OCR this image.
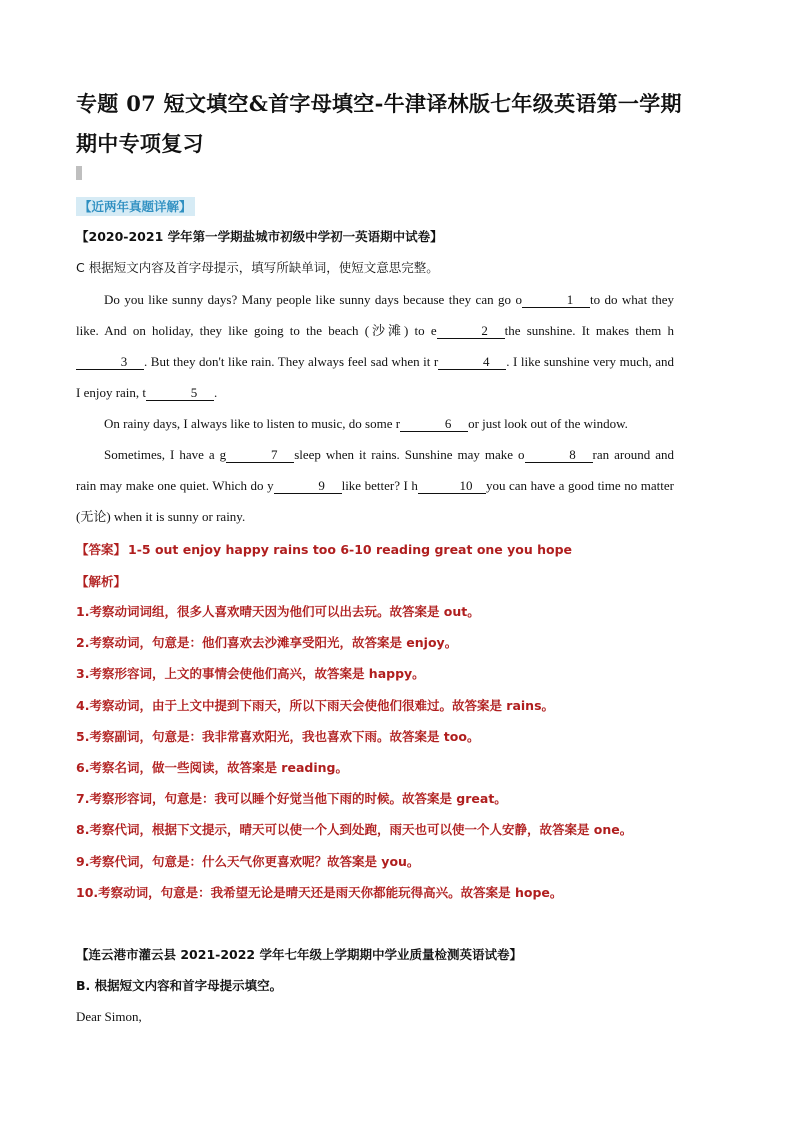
专题 07 短文填空&首字母填空-牛津译林版七年级英语第一学期期中专项复习
【近两年真题详解】
【2020-2021 学年第一学期盐城市初级中学初一英语期中试卷】
C 根据短文内容及首字母提示，填写所缺单词，使短文意思完整。

Do you like sunny days? Many people like sunny days because they can go o	1 to do what they like. And on holiday, they like going to the beach (沙滩) to e	2 the sunshine. It makes them h3 . But they don't like rain. They always feel sad when it r	4 . I like sunshine very much, and I enjoy rain, t	5 .

On rainy days, I always like to listen to music, do some r	6 or just look out of the window.

Sometimes, I have a g	7 sleep when it rains. Sunshine may make o	8 ran around and rain may make one quiet. Which do y	9 like better? I h	10 you can have a good time no matter (无论) when it is sunny or rainy.

【答案】 1-5 out enjoy happy rains too 6-10 reading great one you hope
【解析】
1.考察动词词组，很多人喜欢晴天因为他们可以出去玩。故答案是 out。
2.考察动词，句意是：他们喜欢去沙滩享受阳光，故答案是 enjoy。
3.考察形容词，上文的事情会使他们高兴，故答案是 happy。
4.考察动词，由于上文中提到下雨天，所以下雨天会使他们很难过。故答案是 rains。
5.考察副词，句意是：我非常喜欢阳光，我也喜欢下雨。故答案是 too。
6.考察名词，做一些阅读，故答案是 reading。
7.考察形容词，句意是：我可以睡个好觉当他下雨的时候。故答案是 great。
8.考察代词，根据下文提示，晴天可以使一个人到处跑，雨天也可以使一个人安静，故答案是 one。
9.考察代词，句意是：什么天气你更喜欢呢？故答案是 you。
10.考察动词，句意是：我希望无论是晴天还是雨天你都能玩得高兴。故答案是 hope。
【连云港市灌云县 2021-2022 学年七年级上学期期中学业质量检测英语试卷】
B. 根据短文内容和首字母提示填空。
Dear Simon,
